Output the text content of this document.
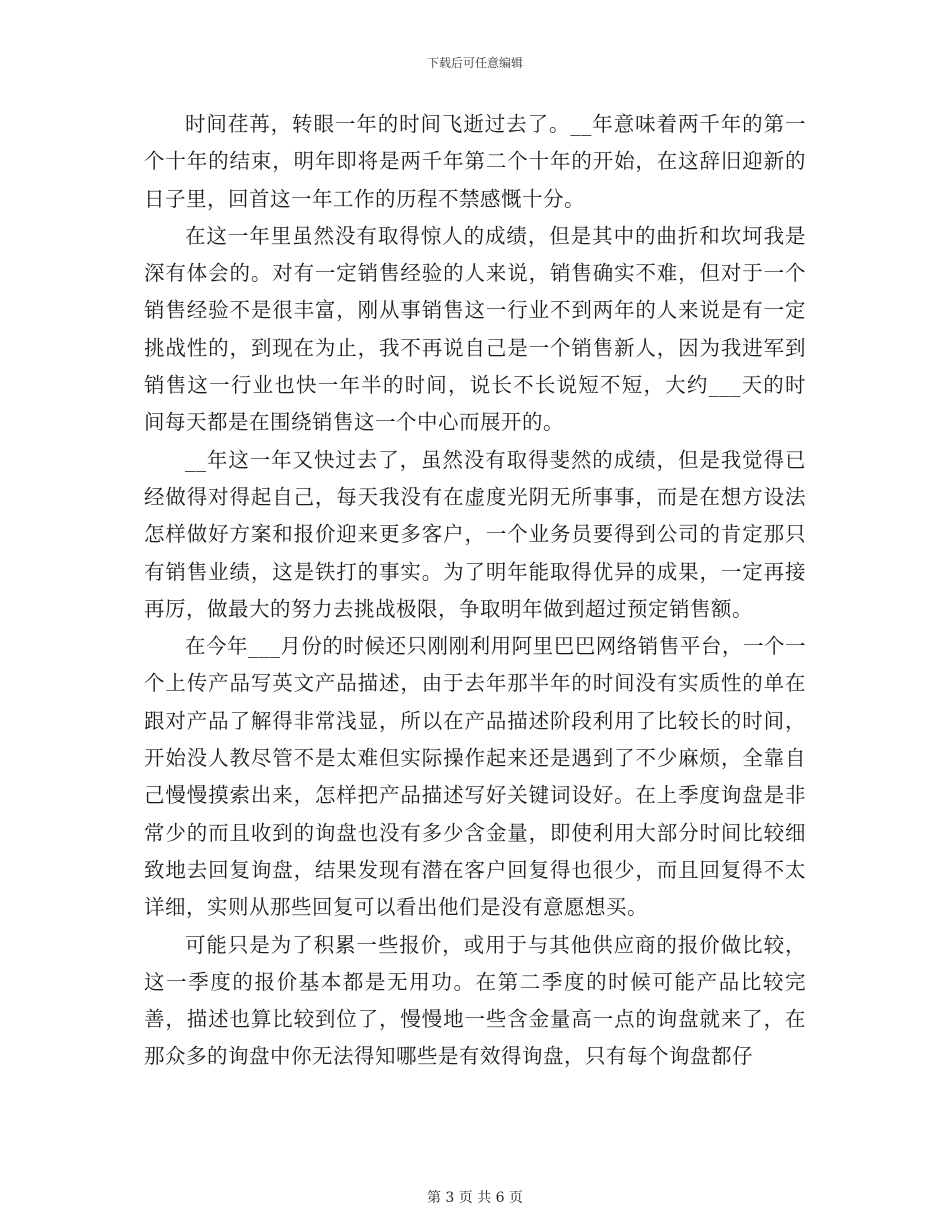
下载后可任意编辑

时间荏苒，转眼一年的时间飞逝过去了。__年意味着两千年的第一个十年的结束，明年即将是两千年第二个十年的开始，在这辞旧迎新的日子里，回首这一年工作的历程不禁感慨十分。

在这一年里虽然没有取得惊人的成绩，但是其中的曲折和坎坷我是深有体会的。对有一定销售经验的人来说，销售确实不难，但对于一个销售经验不是很丰富，刚从事销售这一行业不到两年的人来说是有一定挑战性的，到现在为止，我不再说自己是一个销售新人，因为我进军到销售这一行业也快一年半的时间，说长不长说短不短，大约___天的时间每天都是在围绕销售这一个中心而展开的。

__年这一年又快过去了，虽然没有取得斐然的成绩，但是我觉得已经做得对得起自己，每天我没有在虚度光阴无所事事，而是在想方设法怎样做好方案和报价迎来更多客户，一个业务员要得到公司的肯定那只有销售业绩，这是铁打的事实。为了明年能取得优异的成果，一定再接再厉，做最大的努力去挑战极限，争取明年做到超过预定销售额。

在今年___月份的时候还只刚刚利用阿里巴巴网络销售平台，一个一个上传产品写英文产品描述，由于去年那半年的时间没有实质性的单在跟对产品了解得非常浅显，所以在产品描述阶段利用了比较长的时间，开始没人教尽管不是太难但实际操作起来还是遇到了不少麻烦，全靠自己慢慢摸索出来，怎样把产品描述写好关键词设好。在上季度询盘是非常少的而且收到的询盘也没有多少含金量，即使利用大部分时间比较细致地去回复询盘，结果发现有潜在客户回复得也很少，而且回复得不太详细，实则从那些回复可以看出他们是没有意愿想买。

可能只是为了积累一些报价，或用于与其他供应商的报价做比较，这一季度的报价基本都是无用功。在第二季度的时候可能产品比较完善，描述也算比较到位了，慢慢地一些含金量高一点的询盘就来了，在那众多的询盘中你无法得知哪些是有效得询盘，只有每个询盘都仔

第 3 页 共 6 页
